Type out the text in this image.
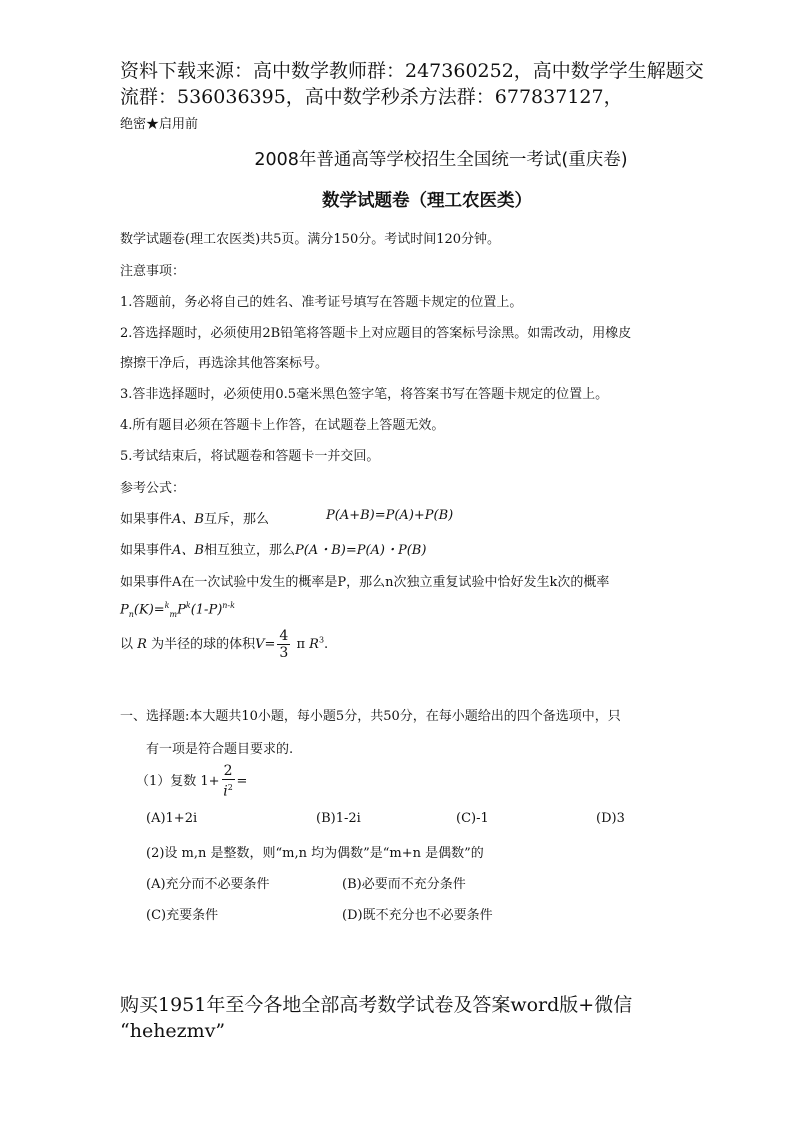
资料下载来源：高中数学教师群：247360252，高中数学学生解题交
流群：536036395，高中数学秒杀方法群：677837127，
绝密★启用前
2008年普通高等学校招生全国统一考试(重庆卷)
数学试题卷（理工农医类）
数学试题卷(理工农医类)共5页。满分150分。考试时间120分钟。
注意事项：
1.答题前，务必将自己的姓名、准考证号填写在答题卡规定的位置上。
2.答选择题时，必须使用2B铅笔将答题卡上对应题目的答案标号涂黑。如需改动，用橡皮
擦擦干净后，再选涂其他答案标号。
3.答非选择题时，必须使用0.5毫米黑色签字笔，将答案书写在答题卡规定的位置上。
4.所有题目必须在答题卡上作答，在试题卷上答题无效。
5.考试结束后，将试题卷和答题卡一并交回。
参考公式：
如果事件A、B互斥，那么	P(A+B)=P(A)+P(B)
如果事件A、B相互独立，那么P(A・B)=P(A)・P(B)
如果事件A在一次试验中发生的概率是P，那么n次独立重复试验中恰好发生k次的概率
$P_n(K)=^k_mP^k(1-P)^{n-k}$
以 R 为半径的球的体积$V= \frac{4}{3}$ π $R^3$.
一、选择题:本大题共10小题，每小题5分，共50分，在每小题给出的四个备选项中，只
有一项是符合题目要求的.
（1）复数 $1+ \frac{2}{i^2}$ =
(A)1+2i	(B)1-2i	(C)-1	(D)3
(2)设 m,n 是整数，则“m,n 均为偶数”是“m+n 是偶数”的
(A)充分而不必要条件	(B)必要而不充分条件
(C)充要条件	(D)既不充分也不必要条件
购买1951年至今各地全部高考数学试卷及答案word版+微信
“hehezmv”
